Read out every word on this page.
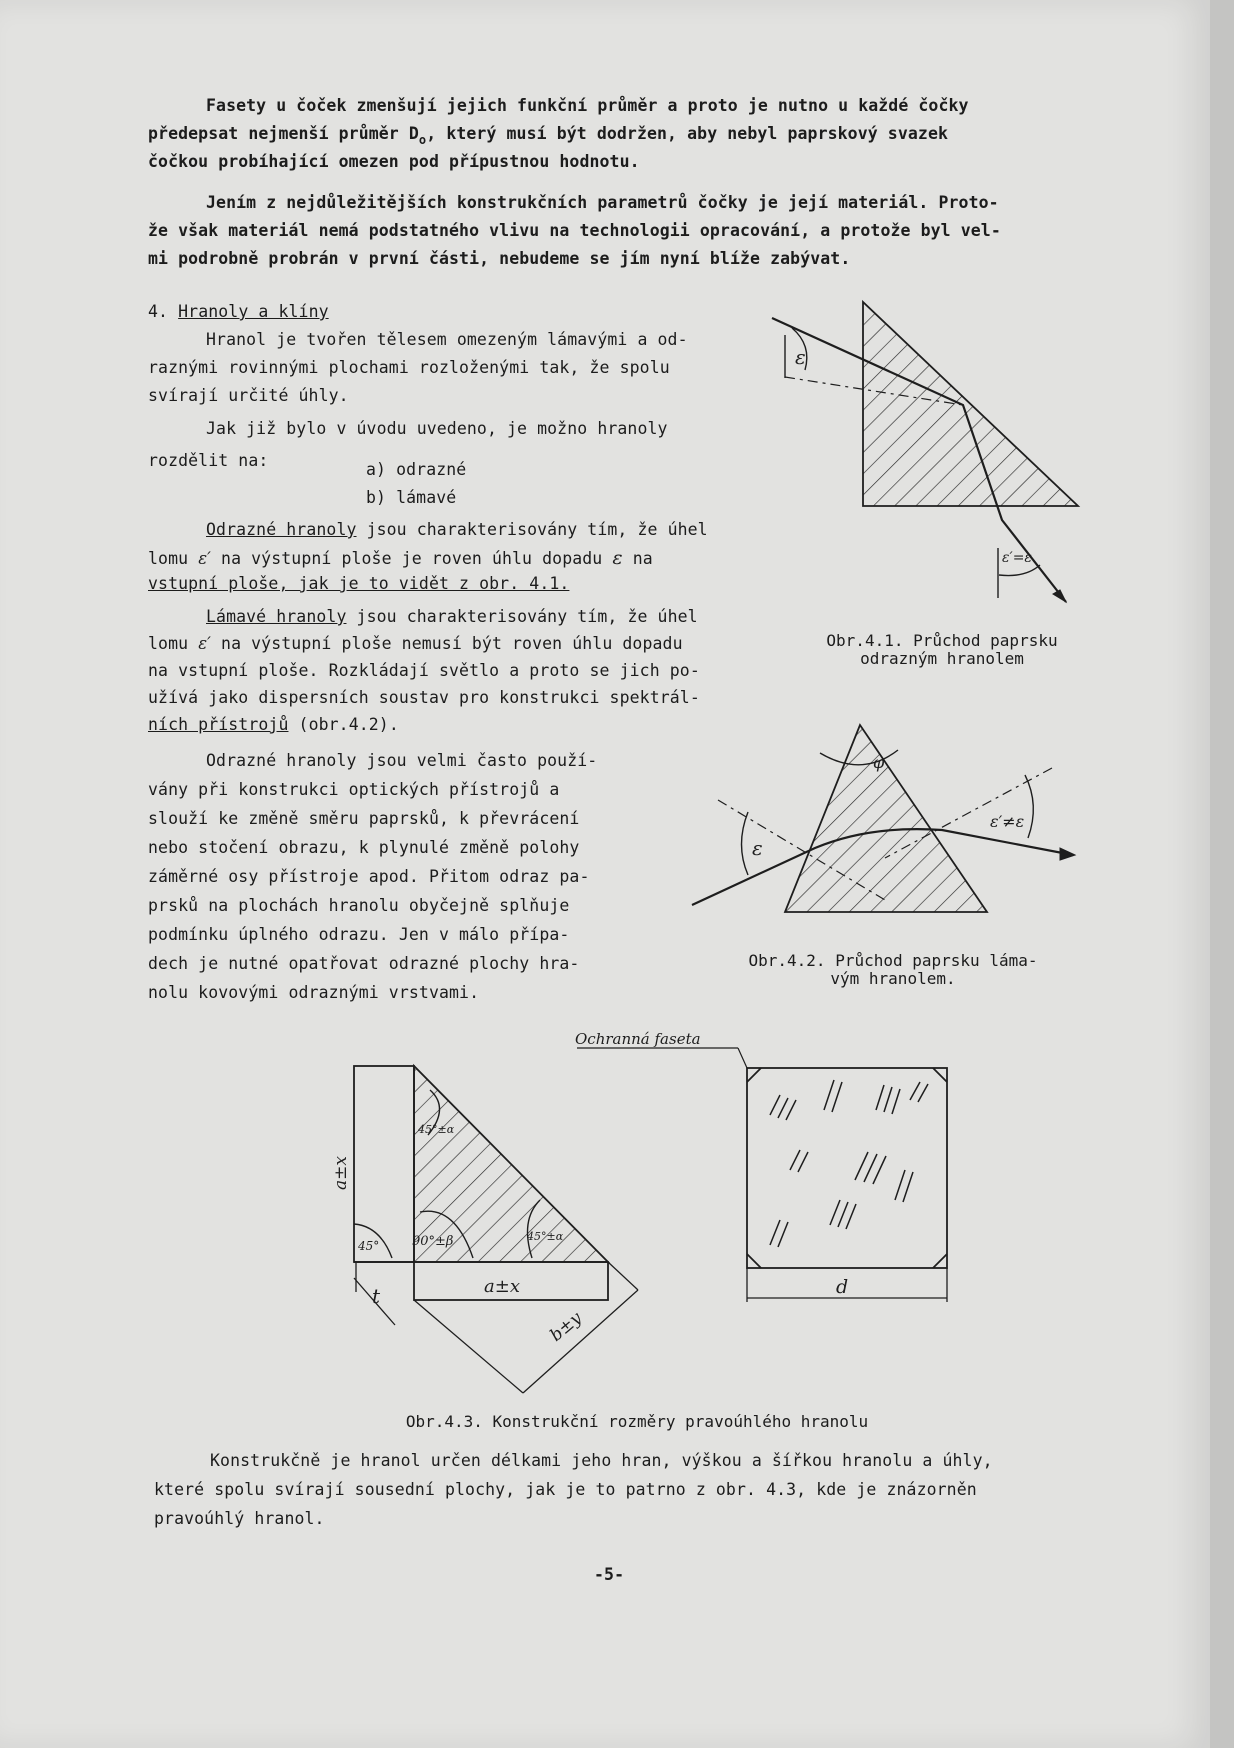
Fasety u čoček zmenšují jejich funkční průměr a proto je nutno u každé čočky
předepsat nejmenší průměr $D_o$, který musí být dodržen, aby nebyl paprskový svazek
čočkou probíhající omezen pod přípustnou hodnotu.
Jením z nejdůležitějších konstrukčních parametrů čočky je její materiál. Proto-
že však materiál nemá podstatného vlivu na technologii opracování, a protože byl vel-
mi podrobně probrán v první části, nebudeme se jím nyní blíže zabývat.
4. Hranoly a klíny
Hranol je tvořen tělesem omezeným lámavými a od-
raznými rovinnými plochami rozloženými tak, že spolu
svírají určité úhly.
Jak již bylo v úvodu uvedeno, je možno hranoly
rozdělit na:	a) odrazné
b) lámavé
Odrazné hranoly jsou charakterisovány tím, že úhel
lomu ε′ na výstupní ploše je roven úhlu dopadu ε na
vstupní ploše, jak je to vidět z obr. 4.1.
Lámavé hranoly jsou charakterisovány tím, že úhel
lomu ε′ na výstupní ploše nemusí být roven úhlu dopadu
na vstupní ploše. Rozkládají světlo a proto se jich po-
užívá jako dispersních soustav pro konstrukci spektrál-
ních přístrojů (obr.4.2).
Odrazné hranoly jsou velmi často použí-
vány při konstrukci optických přístrojů a
slouží ke změně směru paprsků, k převrácení
nebo stočení obrazu, k plynulé změně polohy
záměrné osy přístroje apod. Přitom odraz pa-
prsků na plochách hranolu obyčejně splňuje
podmínku úplného odrazu. Jen v málo přípa-
dech je nutné opatřovat odrazné plochy hra-
nolu kovovými odraznými vrstvami.
ε
ε′=ε
Obr.4.1. Průchod paprsku
odrazným hranolem
φ
ε
ε′≠ε
Obr.4.2. Průchod paprsku láma-
vým hranolem.
Ochranná faseta
a±x
a±x
b±y
t
45°
45°±α
90°±β	45°±α
d
Obr.4.3. Konstrukční rozměry pravoúhlého hranolu
Konstrukčně je hranol určen délkami jeho hran, výškou a šířkou hranolu a úhly,
které spolu svírají sousední plochy, jak je to patrno z obr. 4.3, kde je znázorněn
pravoúhlý hranol.
-5-
